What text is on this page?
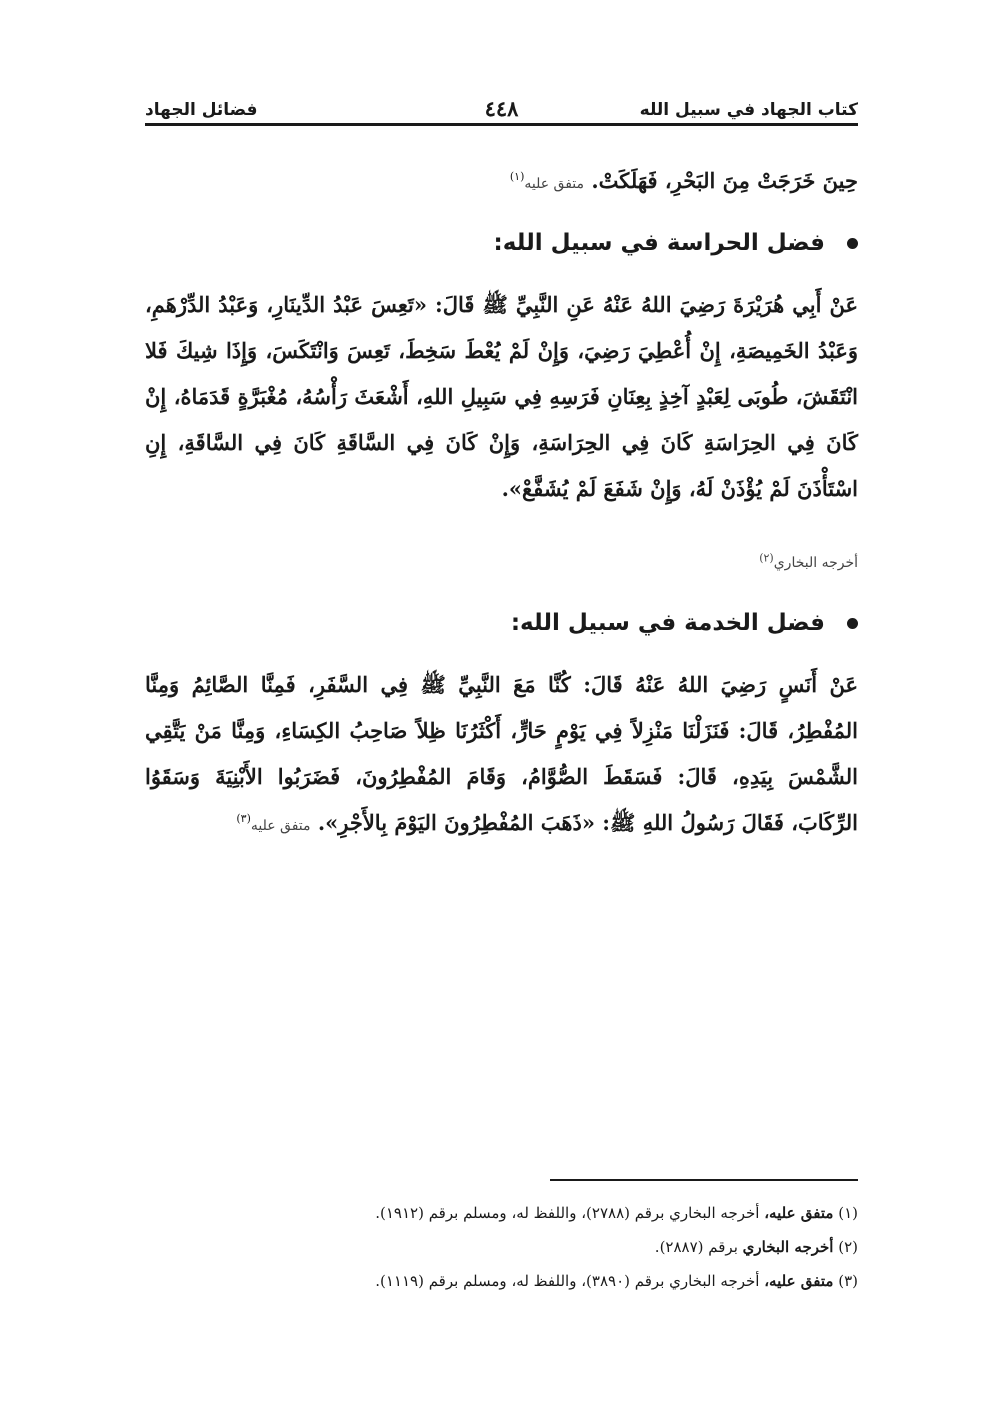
كتاب الجهاد في سبيل الله
٤٤٨
فضائل الجهاد
حِينَ خَرَجَتْ مِنَ البَحْرِ، فَهَلَكَتْ. متفق عليه$^{(١)}$
فضل الحراسة في سبيل الله:
عَنْ أَبِي هُرَيْرَةَ رَضِيَ اللهُ عَنْهُ عَنِ النَّبِيِّ ﷺ قَالَ: «تَعِسَ عَبْدُ الدِّينَارِ، وَعَبْدُ الدِّرْهَمِ، وَعَبْدُ الخَمِيصَةِ، إِنْ أُعْطِيَ رَضِيَ، وَإِنْ لَمْ يُعْطَ سَخِطَ، تَعِسَ وَانْتَكَسَ، وَإِذَا شِيكَ فَلا انْتَقَشَ، طُوبَى لِعَبْدٍ آخِذٍ بِعِنَانِ فَرَسِهِ فِي سَبِيلِ اللهِ، أَشْعَثَ رَأْسُهُ، مُغْبَرَّةٍ قَدَمَاهُ، إِنْ كَانَ فِي الحِرَاسَةِ كَانَ فِي الحِرَاسَةِ، وَإِنْ كَانَ فِي السَّاقَةِ كَانَ فِي السَّاقَةِ، إِنِ اسْتَأْذَنَ لَمْ يُؤْذَنْ لَهُ، وَإِنْ شَفَعَ لَمْ يُشَفَّعْ».
أخرجه البخاري$^{(٢)}$
فضل الخدمة في سبيل الله:
عَنْ أَنَسٍ رَضِيَ اللهُ عَنْهُ قَالَ: كُنَّا مَعَ النَّبِيِّ ﷺ فِي السَّفَرِ، فَمِنَّا الصَّائِمُ وَمِنَّا المُفْطِرُ، قَالَ: فَنَزَلْنَا مَنْزِلاً فِي يَوْمٍ حَارٍّ، أَكْثَرُنَا ظِلاً صَاحِبُ الكِسَاءِ، وَمِنَّا مَنْ يَتَّقِي الشَّمْسَ بِيَدِهِ، قَالَ: فَسَقَطَ الصُّوَّامُ، وَقَامَ المُفْطِرُونَ، فَضَرَبُوا الأَبْنِيَةَ وَسَقَوُا الرِّكَابَ، فَقَالَ رَسُولُ اللهِ ﷺ: «ذَهَبَ المُفْطِرُونَ اليَوْمَ بِالأَجْرِ». متفق عليه$^{(٣)}$
(١) متفق عليه، أخرجه البخاري برقم (٢٧٨٨)، واللفظ له، ومسلم برقم (١٩١٢).
(٢) أخرجه البخاري برقم (٢٨٨٧).
(٣) متفق عليه، أخرجه البخاري برقم (٣٨٩٠)، واللفظ له، ومسلم برقم (١١١٩).
